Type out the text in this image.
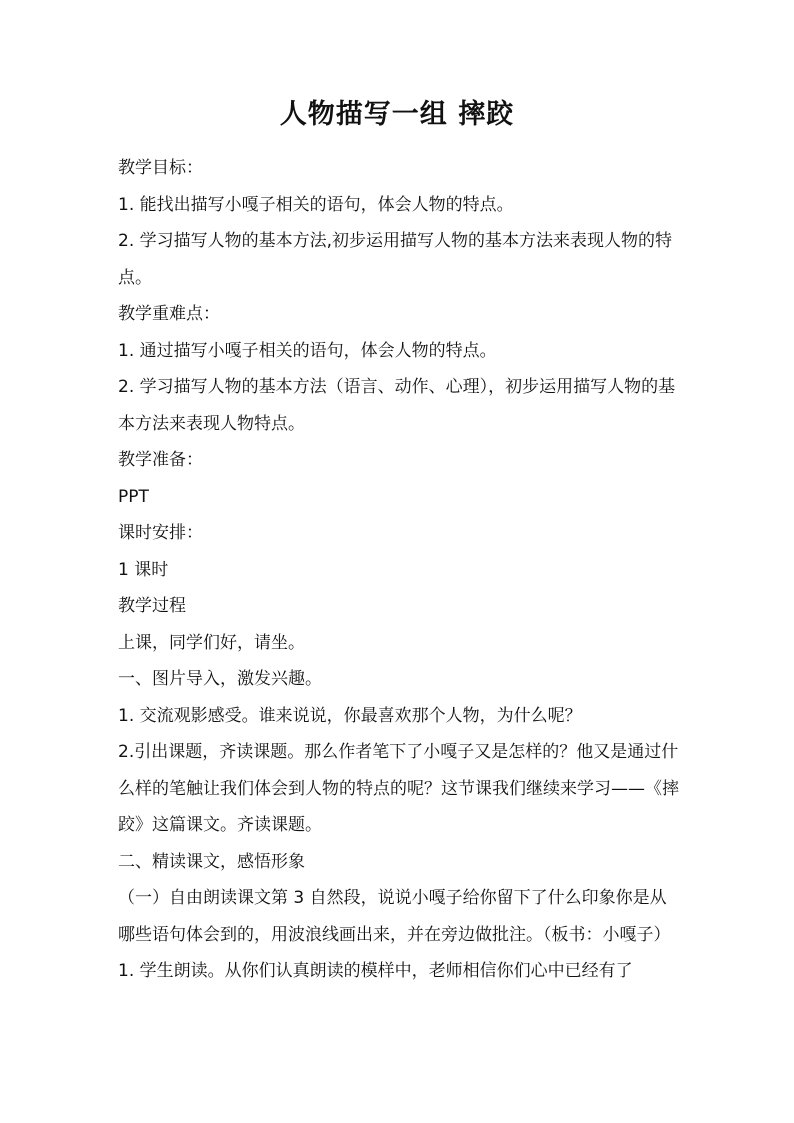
人物描写一组 摔跤

教学目标：

1. 能找出描写小嘎子相关的语句，体会人物的特点。

2. 学习描写人物的基本方法,初步运用描写人物的基本方法来表现人物的特点。

教学重难点：

1. 通过描写小嘎子相关的语句，体会人物的特点。

2. 学习描写人物的基本方法（语言、动作、心理），初步运用描写人物的基本方法来表现人物特点。

教学准备：

PPT

课时安排：

1 课时

教学过程

上课，同学们好，请坐。

一、图片导入，激发兴趣。

1. 交流观影感受。谁来说说，你最喜欢那个人物，为什么呢？

2.引出课题，齐读课题。那么作者笔下了小嘎子又是怎样的？他又是通过什么样的笔触让我们体会到人物的特点的呢？这节课我们继续来学习——《摔跤》这篇课文。齐读课题。

二、精读课文，感悟形象

（一）自由朗读课文第 3 自然段，说说小嘎子给你留下了什么印象你是从哪些语句体会到的，用波浪线画出来，并在旁边做批注。（板书：小嘎子）

1. 学生朗读。从你们认真朗读的模样中，老师相信你们心中已经有了
